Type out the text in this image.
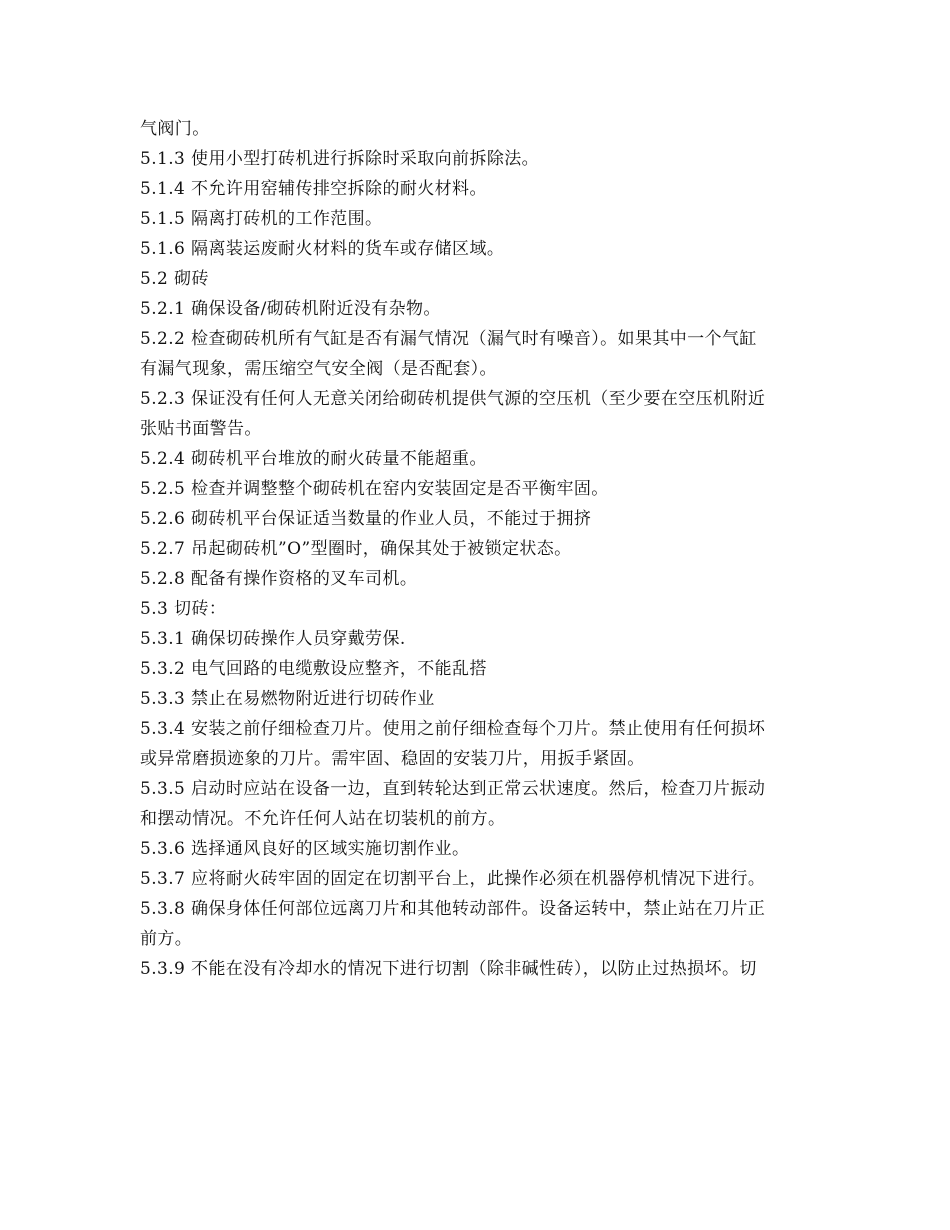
气阀门。
5.1.3 使用小型打砖机进行拆除时采取向前拆除法。
5.1.4 不允许用窑辅传排空拆除的耐火材料。
5.1.5 隔离打砖机的工作范围。
5.1.6 隔离装运废耐火材料的货车或存储区域。
5.2 砌砖
5.2.1 确保设备/砌砖机附近没有杂物。
5.2.2 检查砌砖机所有气缸是否有漏气情况（漏气时有噪音）。如果其中一个气缸
有漏气现象，需压缩空气安全阀（是否配套）。
5.2.3 保证没有任何人无意关闭给砌砖机提供气源的空压机（至少要在空压机附近
张贴书面警告。
5.2.4 砌砖机平台堆放的耐火砖量不能超重。
5.2.5 检查并调整整个砌砖机在窑内安装固定是否平衡牢固。
5.2.6 砌砖机平台保证适当数量的作业人员，不能过于拥挤
5.2.7 吊起砌砖机”O”型圈时，确保其处于被锁定状态。
5.2.8 配备有操作资格的叉车司机。
5.3 切砖：
5.3.1 确保切砖操作人员穿戴劳保.
5.3.2 电气回路的电缆敷设应整齐，不能乱搭
5.3.3 禁止在易燃物附近进行切砖作业
5.3.4 安装之前仔细检查刀片。使用之前仔细检查每个刀片。禁止使用有任何损坏
或异常磨损迹象的刀片。需牢固、稳固的安装刀片，用扳手紧固。
5.3.5 启动时应站在设备一边，直到转轮达到正常云状速度。然后，检查刀片振动
和摆动情况。不允许任何人站在切装机的前方。
5.3.6 选择通风良好的区域实施切割作业。
5.3.7 应将耐火砖牢固的固定在切割平台上，此操作必须在机器停机情况下进行。
5.3.8 确保身体任何部位远离刀片和其他转动部件。设备运转中，禁止站在刀片正
前方。
5.3.9 不能在没有冷却水的情况下进行切割（除非碱性砖），以防止过热损坏。切
